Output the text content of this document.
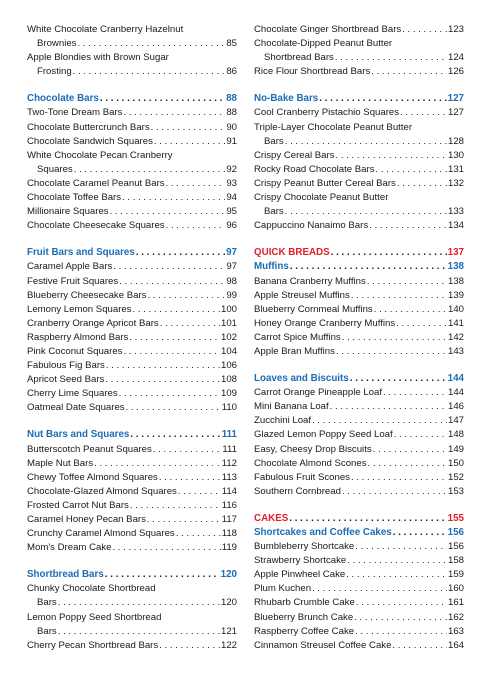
White Chocolate Cranberry Hazelnut
Brownies . . .	85
Apple Blondies with Brown Sugar
Frosting . . .	86
Chocolate Bars . . .	88
Two-Tone Dream Bars . . .	88
Chocolate Buttercrunch Bars . . .	90
Chocolate Sandwich Squares . . .	91
White Chocolate Pecan Cranberry
Squares . . .	92
Chocolate Caramel Peanut Bars . . .	93
Chocolate Toffee Bars . . .	94
Millionaire Squares . . .	95
Chocolate Cheesecake Squares . . .	96
Fruit Bars and Squares . . .	97
Caramel Apple Bars . . .	97
Festive Fruit Squares . . .	98
Blueberry Cheesecake Bars . . .	99
Lemony Lemon Squares . . .	100
Cranberry Orange Apricot Bars . . .	101
Raspberry Almond Bars . . .	102
Pink Coconut Squares . . .	104
Fabulous Fig Bars . . .	106
Apricot Seed Bars . . .	108
Cherry Lime Squares . . .	109
Oatmeal Date Squares . . .	110
Nut Bars and Squares . . .	111
Butterscotch Peanut Squares . . .	111
Maple Nut Bars . . .	112
Chewy Toffee Almond Squares . . .	113
Chocolate-Glazed Almond Squares . . .	114
Frosted Carrot Nut Bars . . .	116
Caramel Honey Pecan Bars . . .	117
Crunchy Caramel Almond Squares . . .	118
Mom's Dream Cake . . .	119
Shortbread Bars . . .	120
Chunky Chocolate Shortbread
Bars . . .	120
Lemon Poppy Seed Shortbread
Bars . . .	121
Cherry Pecan Shortbread Bars . . .	122
Chocolate Ginger Shortbread Bars . . .	123
Chocolate-Dipped Peanut Butter
Shortbread Bars . . .	124
Rice Flour Shortbread Bars . . .	126
No-Bake Bars . . .	127
Cool Cranberry Pistachio Squares . . .	127
Triple-Layer Chocolate Peanut Butter
Bars . . .	128
Crispy Cereal Bars . . .	130
Rocky Road Chocolate Bars . . .	131
Crispy Peanut Butter Cereal Bars . . .	132
Crispy Chocolate Peanut Butter
Bars . . .	133
Cappuccino Nanaimo Bars . . .	134
QUICK BREADS . . .	137
Muffins . . .	138
Banana Cranberry Muffins . . .	138
Apple Streusel Muffins . . .	139
Blueberry Cornmeal Muffins . . .	140
Honey Orange Cranberry Muffins . . .	141
Carrot Spice Muffins . . .	142
Apple Bran Muffins . . .	143
Loaves and Biscuits . . .	144
Carrot Orange Pineapple Loaf . . .	144
Mini Banana Loaf . . .	146
Zucchini Loaf . . .	147
Glazed Lemon Poppy Seed Loaf . . .	148
Easy, Cheesy Drop Biscuits . . .	149
Chocolate Almond Scones . . .	150
Fabulous Fruit Scones . . .	152
Southern Cornbread . . .	153
CAKES . . .	155
Shortcakes and Coffee Cakes . . .	156
Bumbleberry Shortcake . . .	156
Strawberry Shortcake . . .	158
Apple Pinwheel Cake . . .	159
Plum Kuchen . . .	160
Rhubarb Crumble Cake . . .	161
Blueberry Brunch Cake . . .	162
Raspberry Coffee Cake . . .	163
Cinnamon Streusel Coffee Cake . . .	164
